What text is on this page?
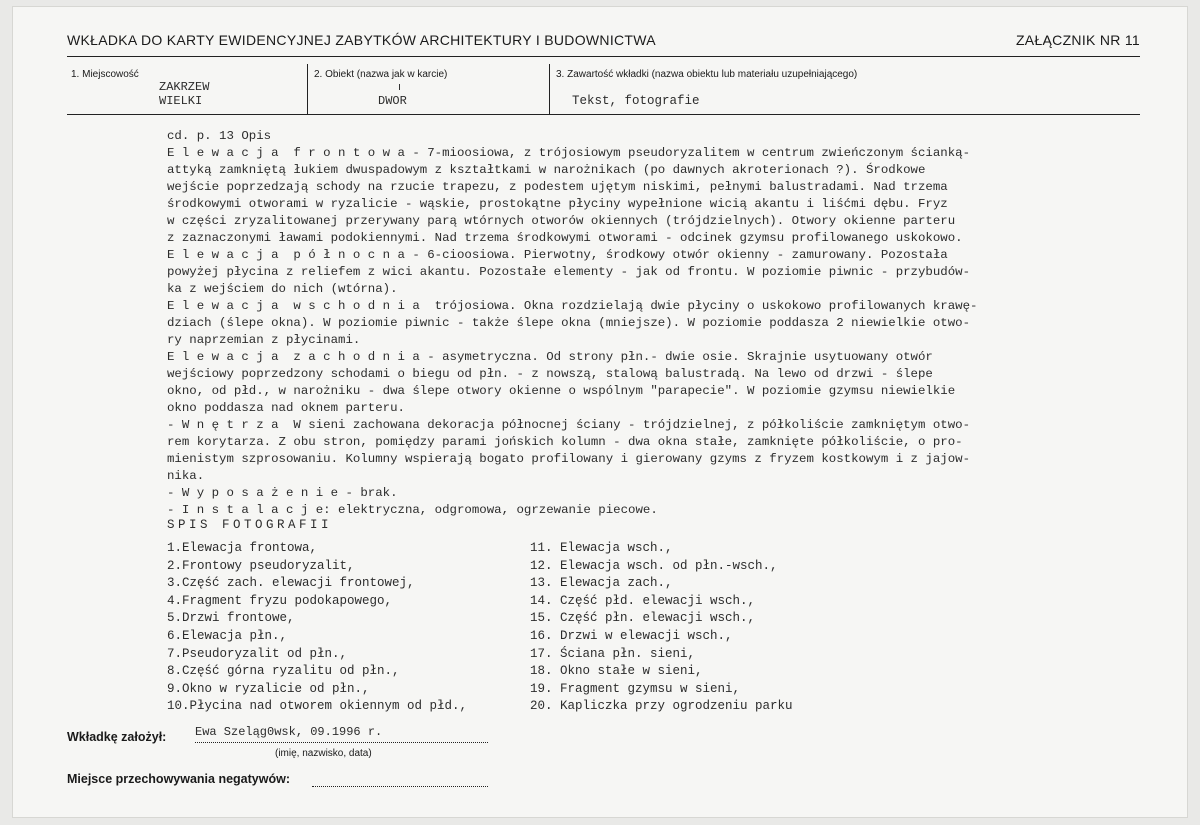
WKŁADKA DO KARTY EWIDENCYJNEJ ZABYTKÓW ARCHITEKTURY I BUDOWNICTWA	ZAŁĄCZNIK NR 11
1. Miejscowość
ZAKRZEW
WIELKI
2. Obiekt (nazwa jak w karcie)
DWOR
3. Zawartość wkładki (nazwa obiektu lub materiału uzupełniającego)
Tekst, fotografie
cd. p. 13 Opis
E l e w a c j a  f r o n t o w a - 7-mioosiowa, z trójosiowym pseudoryzalitem w centrum zwieńczonym ścianką-
attyką zamkniętą łukiem dwuspadowym z kształtkami w narożnikach (po dawnych akroterionach ?). Środkowe
wejście poprzedzają schody na rzucie trapezu, z podestem ujętym niskimi, pełnymi balustradami. Nad trzema
środkowymi otworami w ryzalicie - wąskie, prostokątne płyciny wypełnione wicią akantu i liśćmi dębu. Fryz
w części zryzalitowanej przerywany parą wtórnych otworów okiennych (trójdzielnych). Otwory okienne parteru
z zaznaczonymi ławami podokiennymi. Nad trzema środkowymi otworami - odcinek gzymsu profilowanego uskokowo.
E l e w a c j a  p ó ł n o c n a - 6-cioosiowa. Pierwotny, środkowy otwór okienny - zamurowany. Pozostała
powyżej płycina z reliefem z wici akantu. Pozostałe elementy - jak od frontu. W poziomie piwnic - przybudów-
ka z wejściem do nich (wtórna).
E l e w a c j a  w s c h o d n i a  trójosiowa. Okna rozdzielają dwie płyciny o uskokowo profilowanych krawę-
dziach (ślepe okna). W poziomie piwnic - także ślepe okna (mniejsze). W poziomie poddasza 2 niewielkie otwo-
ry naprzemian z płycinami.
E l e w a c j a  z a c h o d n i a - asymetryczna. Od strony płn.- dwie osie. Skrajnie usytuowany otwór
wejściowy poprzedzony schodami o biegu od płn. - z nowszą, stalową balustradą. Na lewo od drzwi - ślepe
okno, od płd., w narożniku - dwa ślepe otwory okienne o wspólnym "parapecie". W poziomie gzymsu niewielkie
okno poddasza nad oknem parteru.
- W n ę t r z a  W sieni zachowana dekoracja północnej ściany - trójdzielnej, z półkoliście zamkniętym otwo-
rem korytarza. Z obu stron, pomiędzy parami jońskich kolumn - dwa okna stałe, zamknięte półkoliście, o pro-
mienistym szprosowaniu. Kolumny wspierają bogato profilowany i gierowany gzyms z fryzem kostkowym i z jajow-
nika.
- W y p o s a ż e n i e - brak.
- I n s t a l a c j e: elektryczna, odgromowa, ogrzewanie piecowe.
SPIS FOTOGRAFII
1.Elewacja frontowa,
2.Frontowy pseudoryzalit,
3.Część zach. elewacji frontowej,
4.Fragment fryzu podokapowego,
5.Drzwi frontowe,
6.Elewacja płn.,
7.Pseudoryzalit od płn.,
8.Część górna ryzalitu od płn.,
9.Okno w ryzalicie od płn.,
10.Płycina nad otworem okiennym od płd.,
11. Elewacja wsch.,
12. Elewacja wsch. od płn.-wsch.,
13. Elewacja zach.,
14. Część płd. elewacji wsch.,
15. Część płn. elewacji wsch.,
16. Drzwi w elewacji wsch.,
17. Ściana płn. sieni,
18. Okno stałe w sieni,
19. Fragment gzymsu w sieni,
20. Kapliczka przy ogrodzeniu parku
Wkładkę założył: Ewa Szeląg0wsk, 09.1996 r.
(imię, nazwisko, data)
Miejsce przechowywania negatywów:
